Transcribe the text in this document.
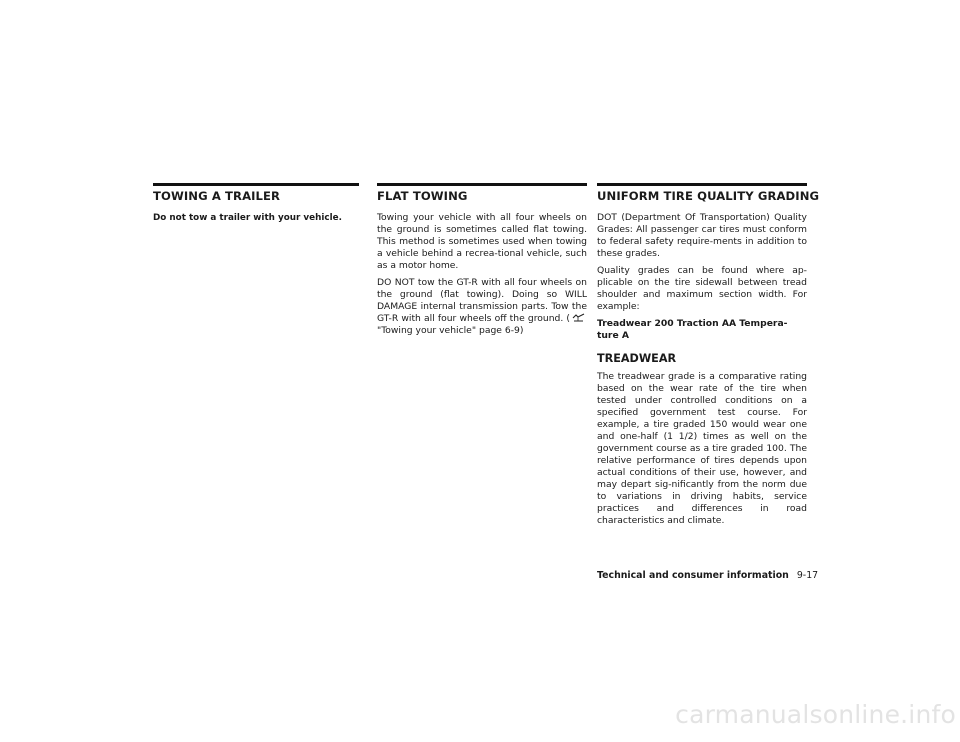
TOWING A TRAILER

Do not tow a trailer with your vehicle.

FLAT TOWING

Towing your vehicle with all four wheels on the ground is sometimes called flat towing. This method is sometimes used when towing a vehicle behind a recrea-tional vehicle, such as a motor home.

DO NOT tow the GT-R with all four wheels on the ground (flat towing). Doing so WILL DAMAGE internal transmission parts. Tow the GT-R with all four wheels off the ground. ("Towing your vehicle" page 6-9)

UNIFORM TIRE QUALITY GRADING

DOT (Department Of Transportation) Quality Grades: All passenger car tires must conform to federal safety require-ments in addition to these grades.

Quality grades can be found where ap-plicable on the tire sidewall between tread shoulder and maximum section width. For example:

Treadwear 200 Traction AA Tempera-ture A

TREADWEAR

The treadwear grade is a comparative rating based on the wear rate of the tire when tested under controlled conditions on a specified government test course. For example, a tire graded 150 would wear one and one-half (1 1/2) times as well on the government course as a tire graded 100. The relative performance of tires depends upon actual conditions of their use, however, and may depart sig-nificantly from the norm due to variations in driving habits, service practices and differences in road characteristics and climate.

Technical and consumer information 9-17
carmanualsonline.info
